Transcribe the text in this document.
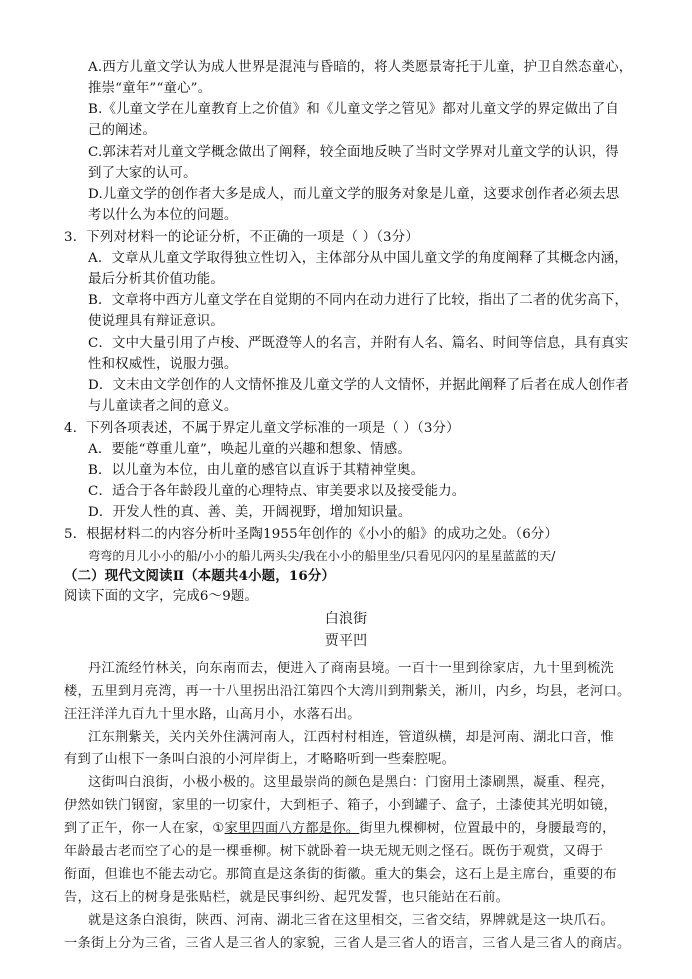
A.西方儿童文学认为成人世界是混沌与昏暗的，将人类愿景寄托于儿童，护卫自然态童心，
推崇“童年”“童心”。
B.《儿童文学在儿童教育上之价值》和《儿童文学之管见》都对儿童文学的界定做出了自
己的阐述。
C.郭沫若对儿童文学概念做出了阐释，较全面地反映了当时文学界对儿童文学的认识，得
到了大家的认可。
D.儿童文学的创作者大多是成人，而儿童文学的服务对象是儿童，这要求创作者必须去思
考以什么为本位的问题。
3．下列对材料一的论证分析，不正确的一项是（ ）（3分）
A．文章从儿童文学取得独立性切入，主体部分从中国儿童文学的角度阐释了其概念内涵，
最后分析其价值功能。
B．文章将中西方儿童文学在自觉期的不同内在动力进行了比较，指出了二者的优劣高下，
使说理具有辩证意识。
C．文中大量引用了卢梭、严既澄等人的名言，并附有人名、篇名、时间等信息，具有真实
性和权威性，说服力强。
D．文末由文学创作的人文情怀推及儿童文学的人文情怀，并据此阐释了后者在成人创作者
与儿童读者之间的意义。
4．下列各项表述，不属于界定儿童文学标准的一项是（ ）（3分）
A．要能“尊重儿童”，唤起儿童的兴趣和想象、情感。
B．以儿童为本位，由儿童的感官以直诉于其精神堂奥。
C．适合于各年龄段儿童的心理特点、审美要求以及接受能力。
D．开发人性的真、善、美，开阔视野，增加知识量。
5．根据材料二的内容分析叶圣陶1955年创作的《小小的船》的成功之处。（6分）
弯弯的月儿小小的船/小小的船儿两头尖/我在小小的船里坐/只看见闪闪的星星蓝蓝的天/
（二）现代文阅读Ⅱ（本题共4小题，16分）
阅读下面的文字，完成6～9题。
白浪街
贾平凹
丹江流经竹林关，向东南而去，便进入了商南县境。一百十一里到徐家店，九十里到梳洗
楼，五里到月亮湾，再一十八里拐出沿江第四个大湾川到荆紫关，淅川，内乡，均县，老河口。
汪汪洋洋九百九十里水路，山高月小，水落石出。
江东荆紫关，关内关外住满河南人，江西村村相连，管道纵横，却是河南、湖北口音，惟
有到了山根下一条叫白浪的小河岸街上，才略略听到一些秦腔呢。
这街叫白浪街，小极小极的。这里最崇尚的颜色是黑白：门窗用土漆刷黑，凝重、程亮，
伊然如铁门钢窗，家里的一切家什，大到柜子、箱子，小到罐子、盒子，土漆使其光明如镜，
到了正午，你一人在家，①家里四面八方都是你。街里九棵柳树，位置最中的，身腰最弯的，
年龄最古老而空了心的是一棵垂柳。树下就卧着一块无规无则之怪石。既伤于观赏，又碍于
衔面，但谁也不能去动它。那简直是这条街的街徽。重大的集会，这石上是主席台，重要的布
告，这石上的树身是张贴栏，就是民事纠纷、起咒发誓，也只能站在石前。
就是这条白浪街，陕西、河南、湖北三省在这里相交，三省交结，界牌就是这一块爪石。
一条街上分为三省，三省人是三省人的家貌，三省人是三省人的语言，三省人是三省人的商店。
